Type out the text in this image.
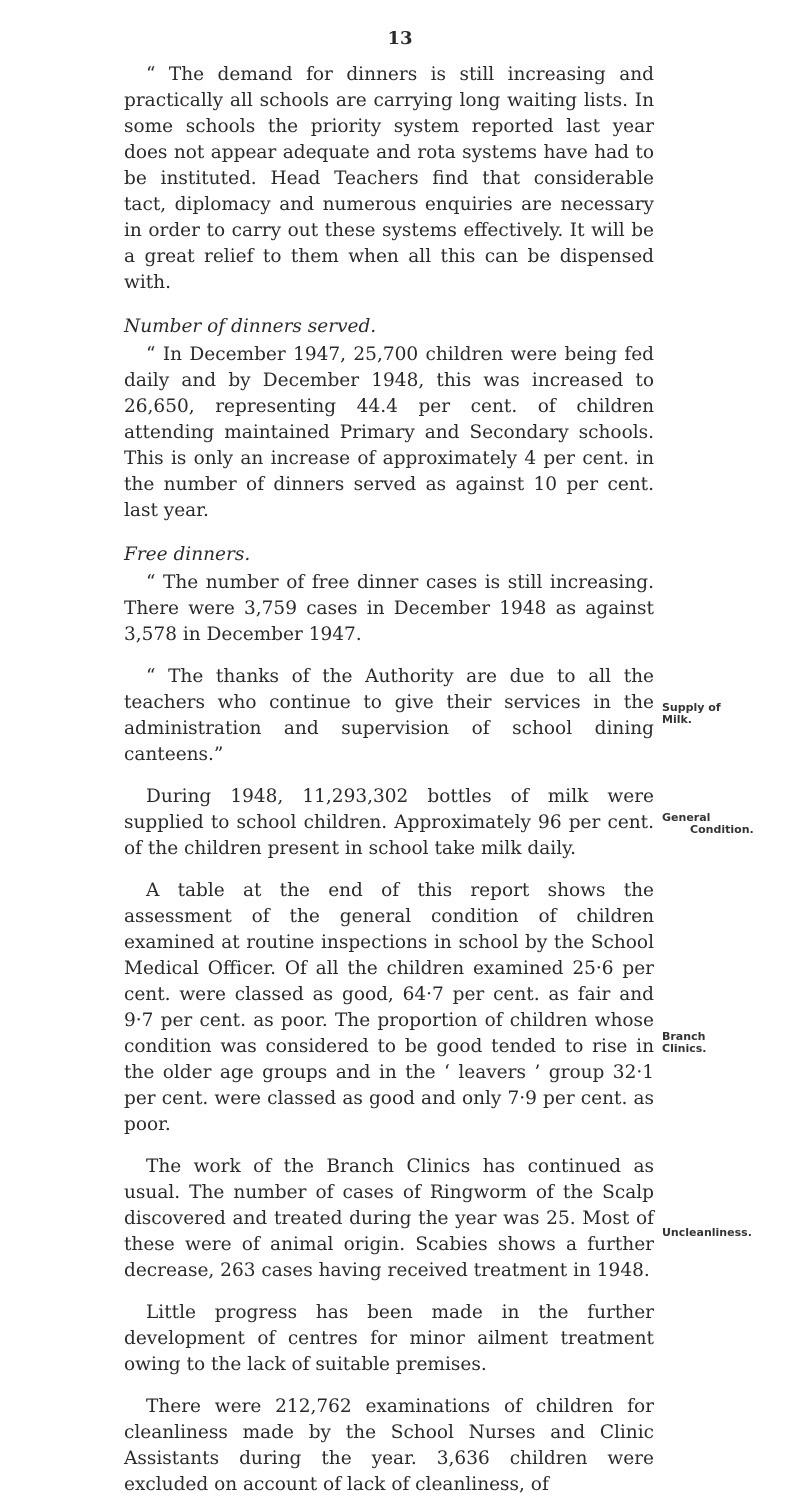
13

“ The demand for dinners is still increasing and practically all schools are carrying long waiting lists. In some schools the priority system reported last year does not appear adequate and rota systems have had to be instituted. Head Teachers find that considerable tact, diplomacy and numerous enquiries are necessary in order to carry out these systems effectively. It will be a great relief to them when all this can be dispensed with.

Number of dinners served.

“ In December 1947, 25,700 children were being fed daily and by December 1948, this was increased to 26,650, representing 44.4 per cent. of children attending maintained Primary and Secondary schools. This is only an increase of approximately 4 per cent. in the number of dinners served as against 10 per cent. last year.

Free dinners.

“ The number of free dinner cases is still increasing. There were 3,759 cases in December 1948 as against 3,578 in December 1947.

“ The thanks of the Authority are due to all the teachers who continue to give their services in the administration and supervision of school dining canteens.”

During 1948, 11,293,302 bottles of milk were supplied to school children. Approximately 96 per cent. of the children present in school take milk daily.

A table at the end of this report shows the assessment of the general condition of children examined at routine inspections in school by the School Medical Officer. Of all the children examined 25·6 per cent. were classed as good, 64·7 per cent. as fair and 9·7 per cent. as poor. The proportion of children whose condition was considered to be good tended to rise in the older age groups and in the ‘ leavers ’ group 32·1 per cent. were classed as good and only 7·9 per cent. as poor.

The work of the Branch Clinics has continued as usual. The number of cases of Ringworm of the Scalp discovered and treated during the year was 25. Most of these were of animal origin. Scabies shows a further decrease, 263 cases having received treatment in 1948.

Little progress has been made in the further development of centres for minor ailment treatment owing to the lack of suitable premises.

There were 212,762 examinations of children for cleanliness made by the School Nurses and Clinic Assistants during the year. 3,636 children were excluded on account of lack of cleanliness, of

Supply of
Milk.
General
Condition.
Branch
Clinics.
Uncleanliness.
